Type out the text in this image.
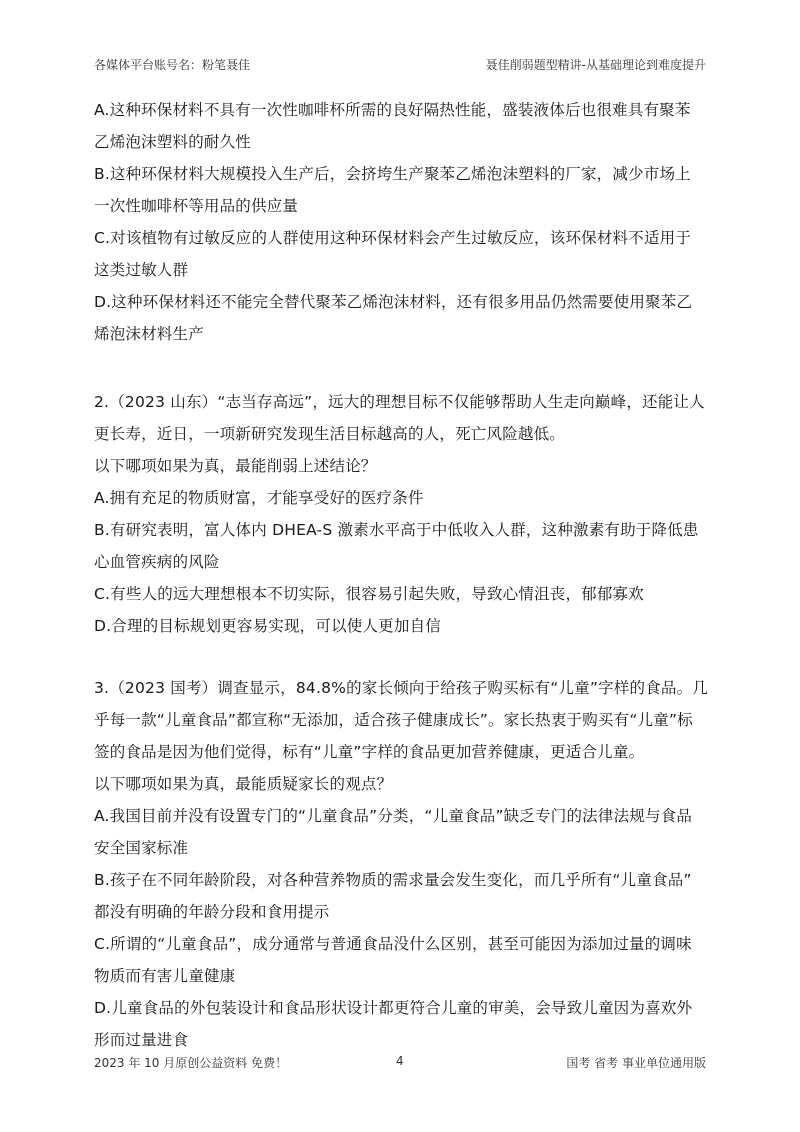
各媒体平台账号名：粉笔聂佳	聂佳削弱题型精讲-从基础理论到难度提升
A.这种环保材料不具有一次性咖啡杯所需的良好隔热性能，盛装液体后也很难具有聚苯
乙烯泡沫塑料的耐久性
B.这种环保材料大规模投入生产后，会挤垮生产聚苯乙烯泡沫塑料的厂家，减少市场上
一次性咖啡杯等用品的供应量
C.对该植物有过敏反应的人群使用这种环保材料会产生过敏反应，该环保材料不适用于
这类过敏人群
D.这种环保材料还不能完全替代聚苯乙烯泡沫材料，还有很多用品仍然需要使用聚苯乙
烯泡沫材料生产
2.（2023 山东）“志当存高远”，远大的理想目标不仅能够帮助人生走向巅峰，还能让人
更长寿，近日，一项新研究发现生活目标越高的人，死亡风险越低。
以下哪项如果为真，最能削弱上述结论？
A.拥有充足的物质财富，才能享受好的医疗条件
B.有研究表明，富人体内 DHEA-S 激素水平高于中低收入人群，这种激素有助于降低患
心血管疾病的风险
C.有些人的远大理想根本不切实际，很容易引起失败，导致心情沮丧，郁郁寡欢
D.合理的目标规划更容易实现，可以使人更加自信
3.（2023 国考）调查显示，84.8%的家长倾向于给孩子购买标有“儿童”字样的食品。几
乎每一款“儿童食品”都宣称“无添加，适合孩子健康成长”。家长热衷于购买有“儿童”标
签的食品是因为他们觉得，标有“儿童”字样的食品更加营养健康，更适合儿童。
以下哪项如果为真，最能质疑家长的观点？
A.我国目前并没有设置专门的“儿童食品”分类，“儿童食品”缺乏专门的法律法规与食品
安全国家标准
B.孩子在不同年龄阶段，对各种营养物质的需求量会发生变化，而几乎所有“儿童食品”
都没有明确的年龄分段和食用提示
C.所谓的“儿童食品”，成分通常与普通食品没什么区别，甚至可能因为添加过量的调味
物质而有害儿童健康
D.儿童食品的外包装设计和食品形状设计都更符合儿童的审美，会导致儿童因为喜欢外
形而过量进食
2023 年 10 月原创公益资料 免费！	4	国考 省考 事业单位通用版
